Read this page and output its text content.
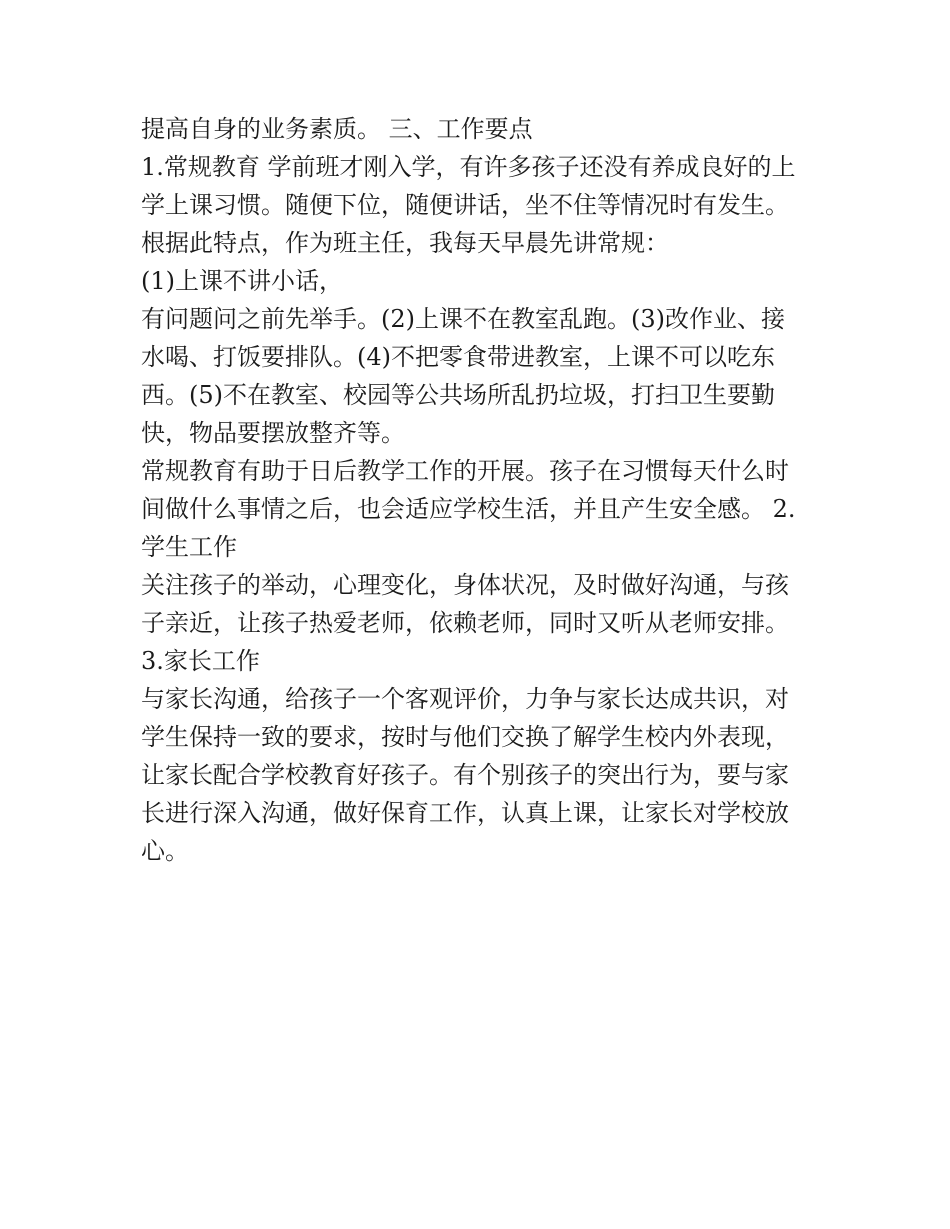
提高自身的业务素质。 三、工作要点

1.常规教育 学前班才刚入学，有许多孩子还没有养成良好的上

学上课习惯。随便下位，随便讲话，坐不住等情况时有发生。

根据此特点，作为班主任，我每天早晨先讲常规：

(1)上课不讲小话，

有问题问之前先举手。(2)上课不在教室乱跑。(3)改作业、接

水喝、打饭要排队。(4)不把零食带进教室，上课不可以吃东

西。(5)不在教室、校园等公共场所乱扔垃圾，打扫卫生要勤

快，物品要摆放整齐等。

常规教育有助于日后教学工作的开展。孩子在习惯每天什么时

间做什么事情之后，也会适应学校生活，并且产生安全感。 2.

学生工作

关注孩子的举动，心理变化，身体状况，及时做好沟通，与孩

子亲近，让孩子热爱老师，依赖老师，同时又听从老师安排。

3.家长工作

与家长沟通，给孩子一个客观评价，力争与家长达成共识，对

学生保持一致的要求，按时与他们交换了解学生校内外表现，

让家长配合学校教育好孩子。有个别孩子的突出行为，要与家

长进行深入沟通，做好保育工作，认真上课，让家长对学校放

心。
